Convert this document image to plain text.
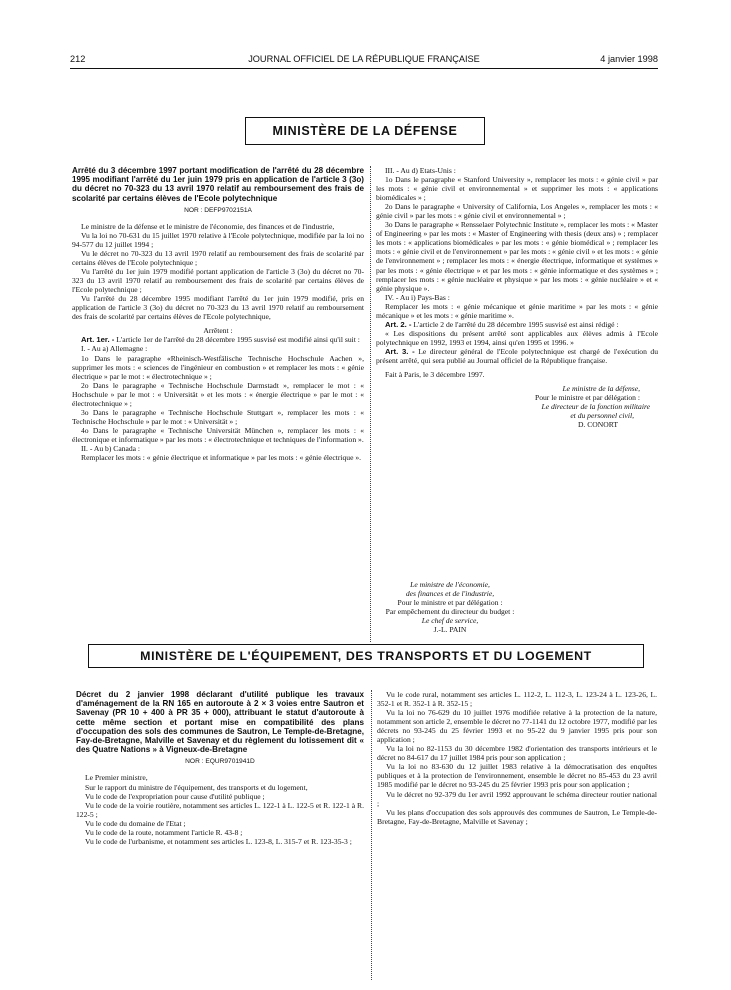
212	JOURNAL OFFICIEL DE LA RÉPUBLIQUE FRANÇAISE	4 janvier 1998
MINISTÈRE DE LA DÉFENSE

Arrêté du 3 décembre 1997 portant modification de l'arrêté du 28 décembre 1995 modifiant l'arrêté du 1er juin 1979 pris en application de l'article 3 (3o) du décret no 70-323 du 13 avril 1970 relatif au remboursement des frais de scolarité par certains élèves de l'Ecole polytechnique

NOR : DEFP9702151A

Le ministre de la défense et le ministre de l'économie, des finances et de l'industrie,

Vu la loi no 70-631 du 15 juillet 1970 relative à l'Ecole polytechnique, modifiée par la loi no 94-577 du 12 juillet 1994 ;

Vu le décret no 70-323 du 13 avril 1970 relatif au remboursement des frais de scolarité par certains élèves de l'Ecole polytechnique ;

Vu l'arrêté du 1er juin 1979 modifié portant application de l'article 3 (3o) du décret no 70-323 du 13 avril 1970 relatif au remboursement des frais de scolarité par certains élèves de l'Ecole polytechnique ;

Vu l'arrêté du 28 décembre 1995 modifiant l'arrêté du 1er juin 1979 modifié, pris en application de l'article 3 (3o) du décret no 70-323 du 13 avril 1970 relatif au remboursement des frais de scolarité par certains élèves de l'Ecole polytechnique,

Arrêtent :

Art. 1er. - L'article 1er de l'arrêté du 28 décembre 1995 susvisé est modifié ainsi qu'il suit :

I. - Au a) Allemagne :

1o Dans le paragraphe «Rheinisch-Westfälische Technische Hochschule Aachen », supprimer les mots : « sciences de l'ingénieur en combustion » et remplacer les mots : « génie électrique » par le mot : « électrotechnique » ;

2o Dans le paragraphe « Technische Hochschule Darmstadt », remplacer le mot : « Hochschule » par le mot : « Universität » et les mots : « énergie électrique » par le mot : « électrotechnique » ;

3o Dans le paragraphe « Technische Hochschule Stuttgart », remplacer les mots : « Technische Hochschule » par le mot : « Universität » ;

4o Dans le paragraphe « Technische Universität München », remplacer les mots : « électronique et informatique » par les mots : « électrotechnique et techniques de l'information ».

II. - Au b) Canada :

Remplacer les mots : « génie électrique et informatique » par les mots : « génie électrique ».

III. - Au d) Etats-Unis :

1o Dans le paragraphe « Stanford University », remplacer les mots : « génie civil » par les mots : « génie civil et environnemental » et supprimer les mots : « applications biomédicales » ;

2o Dans le paragraphe « University of California, Los Angeles », remplacer les mots : « génie civil » par les mots : « génie civil et environnemental » ;

3o Dans le paragraphe « Rensselaer Polytechnic Institute », remplacer les mots : « Master of Engineering » par les mots : « Master of Engineering with thesis (deux ans) » ; remplacer les mots : « applications biomédicales » par les mots : « génie biomédical » ; remplacer les mots : « génie civil et de l'environnement » par les mots : « génie civil » et les mots : « génie de l'environnement » ; remplacer les mots : « énergie électrique, informatique et systèmes » par les mots : « génie électrique » et par les mots : « génie informatique et des systèmes » ; remplacer les mots : « génie nucléaire et physique » par les mots : « génie nucléaire » et « génie physique ».

IV. - Au i) Pays-Bas :

Remplacer les mots : « génie mécanique et génie maritime » par les mots : « génie mécanique » et les mots : « génie maritime ».

Art. 2. - L'article 2 de l'arrêté du 28 décembre 1995 susvisé est ainsi rédigé :

« Les dispositions du présent arrêté sont applicables aux élèves admis à l'Ecole polytechnique en 1992, 1993 et 1994, ainsi qu'en 1995 et 1996. »

Art. 3. - Le directeur général de l'Ecole polytechnique est chargé de l'exécution du présent arrêté, qui sera publié au Journal officiel de la République française.

Fait à Paris, le 3 décembre 1997.

Le ministre de la défense,

Pour le ministre et par délégation :

Le directeur de la fonction militaire

et du personnel civil,

D. CONORT

Le ministre de l'économie,

des finances et de l'industrie,

Pour le ministre et par délégation :

Par empêchement du directeur du budget :

Le chef de service,

J.-L. PAIN

MINISTÈRE DE L'ÉQUIPEMENT, DES TRANSPORTS ET DU LOGEMENT

Décret du 2 janvier 1998 déclarant d'utilité publique les travaux d'aménagement de la RN 165 en autoroute à 2 × 3 voies entre Sautron et Savenay (PR 10 + 400 à PR 35 + 000), attribuant le statut d'autoroute à cette même section et portant mise en compatibilité des plans d'occupation des sols des communes de Sautron, Le Temple-de-Bretagne, Fay-de-Bretagne, Malville et Savenay et du règlement du lotissement dit « des Quatre Nations » à Vigneux-de-Bretagne

NOR : EQUR9701941D

Le Premier ministre,

Sur le rapport du ministre de l'équipement, des transports et du logement,

Vu le code de l'expropriation pour cause d'utilité publique ;

Vu le code de la voirie routière, notamment ses articles L. 122-1 à L. 122-5 et R. 122-1 à R. 122-5 ;

Vu le code du domaine de l'Etat ;

Vu le code de la route, notamment l'article R. 43-8 ;

Vu le code de l'urbanisme, et notamment ses articles L. 123-8, L. 315-7 et R. 123-35-3 ;

Vu le code rural, notamment ses articles L. 112-2, L. 112-3, L. 123-24 à L. 123-26, L. 352-1 et R. 352-1 à R. 352-15 ;

Vu la loi no 76-629 du 10 juillet 1976 modifiée relative à la protection de la nature, notamment son article 2, ensemble le décret no 77-1141 du 12 octobre 1977, modifié par les décrets no 93-245 du 25 février 1993 et no 95-22 du 9 janvier 1995 pris pour son application ;

Vu la loi no 82-1153 du 30 décembre 1982 d'orientation des transports intérieurs et le décret no 84-617 du 17 juillet 1984 pris pour son application ;

Vu la loi no 83-630 du 12 juillet 1983 relative à la démocratisation des enquêtes publiques et à la protection de l'environnement, ensemble le décret no 85-453 du 23 avril 1985 modifié par le décret no 93-245 du 25 février 1993 pris pour son application ;

Vu le décret no 92-379 du 1er avril 1992 approuvant le schéma directeur routier national ;

Vu les plans d'occupation des sols approuvés des communes de Sautron, Le Temple-de-Bretagne, Fay-de-Bretagne, Malville et Savenay ;
